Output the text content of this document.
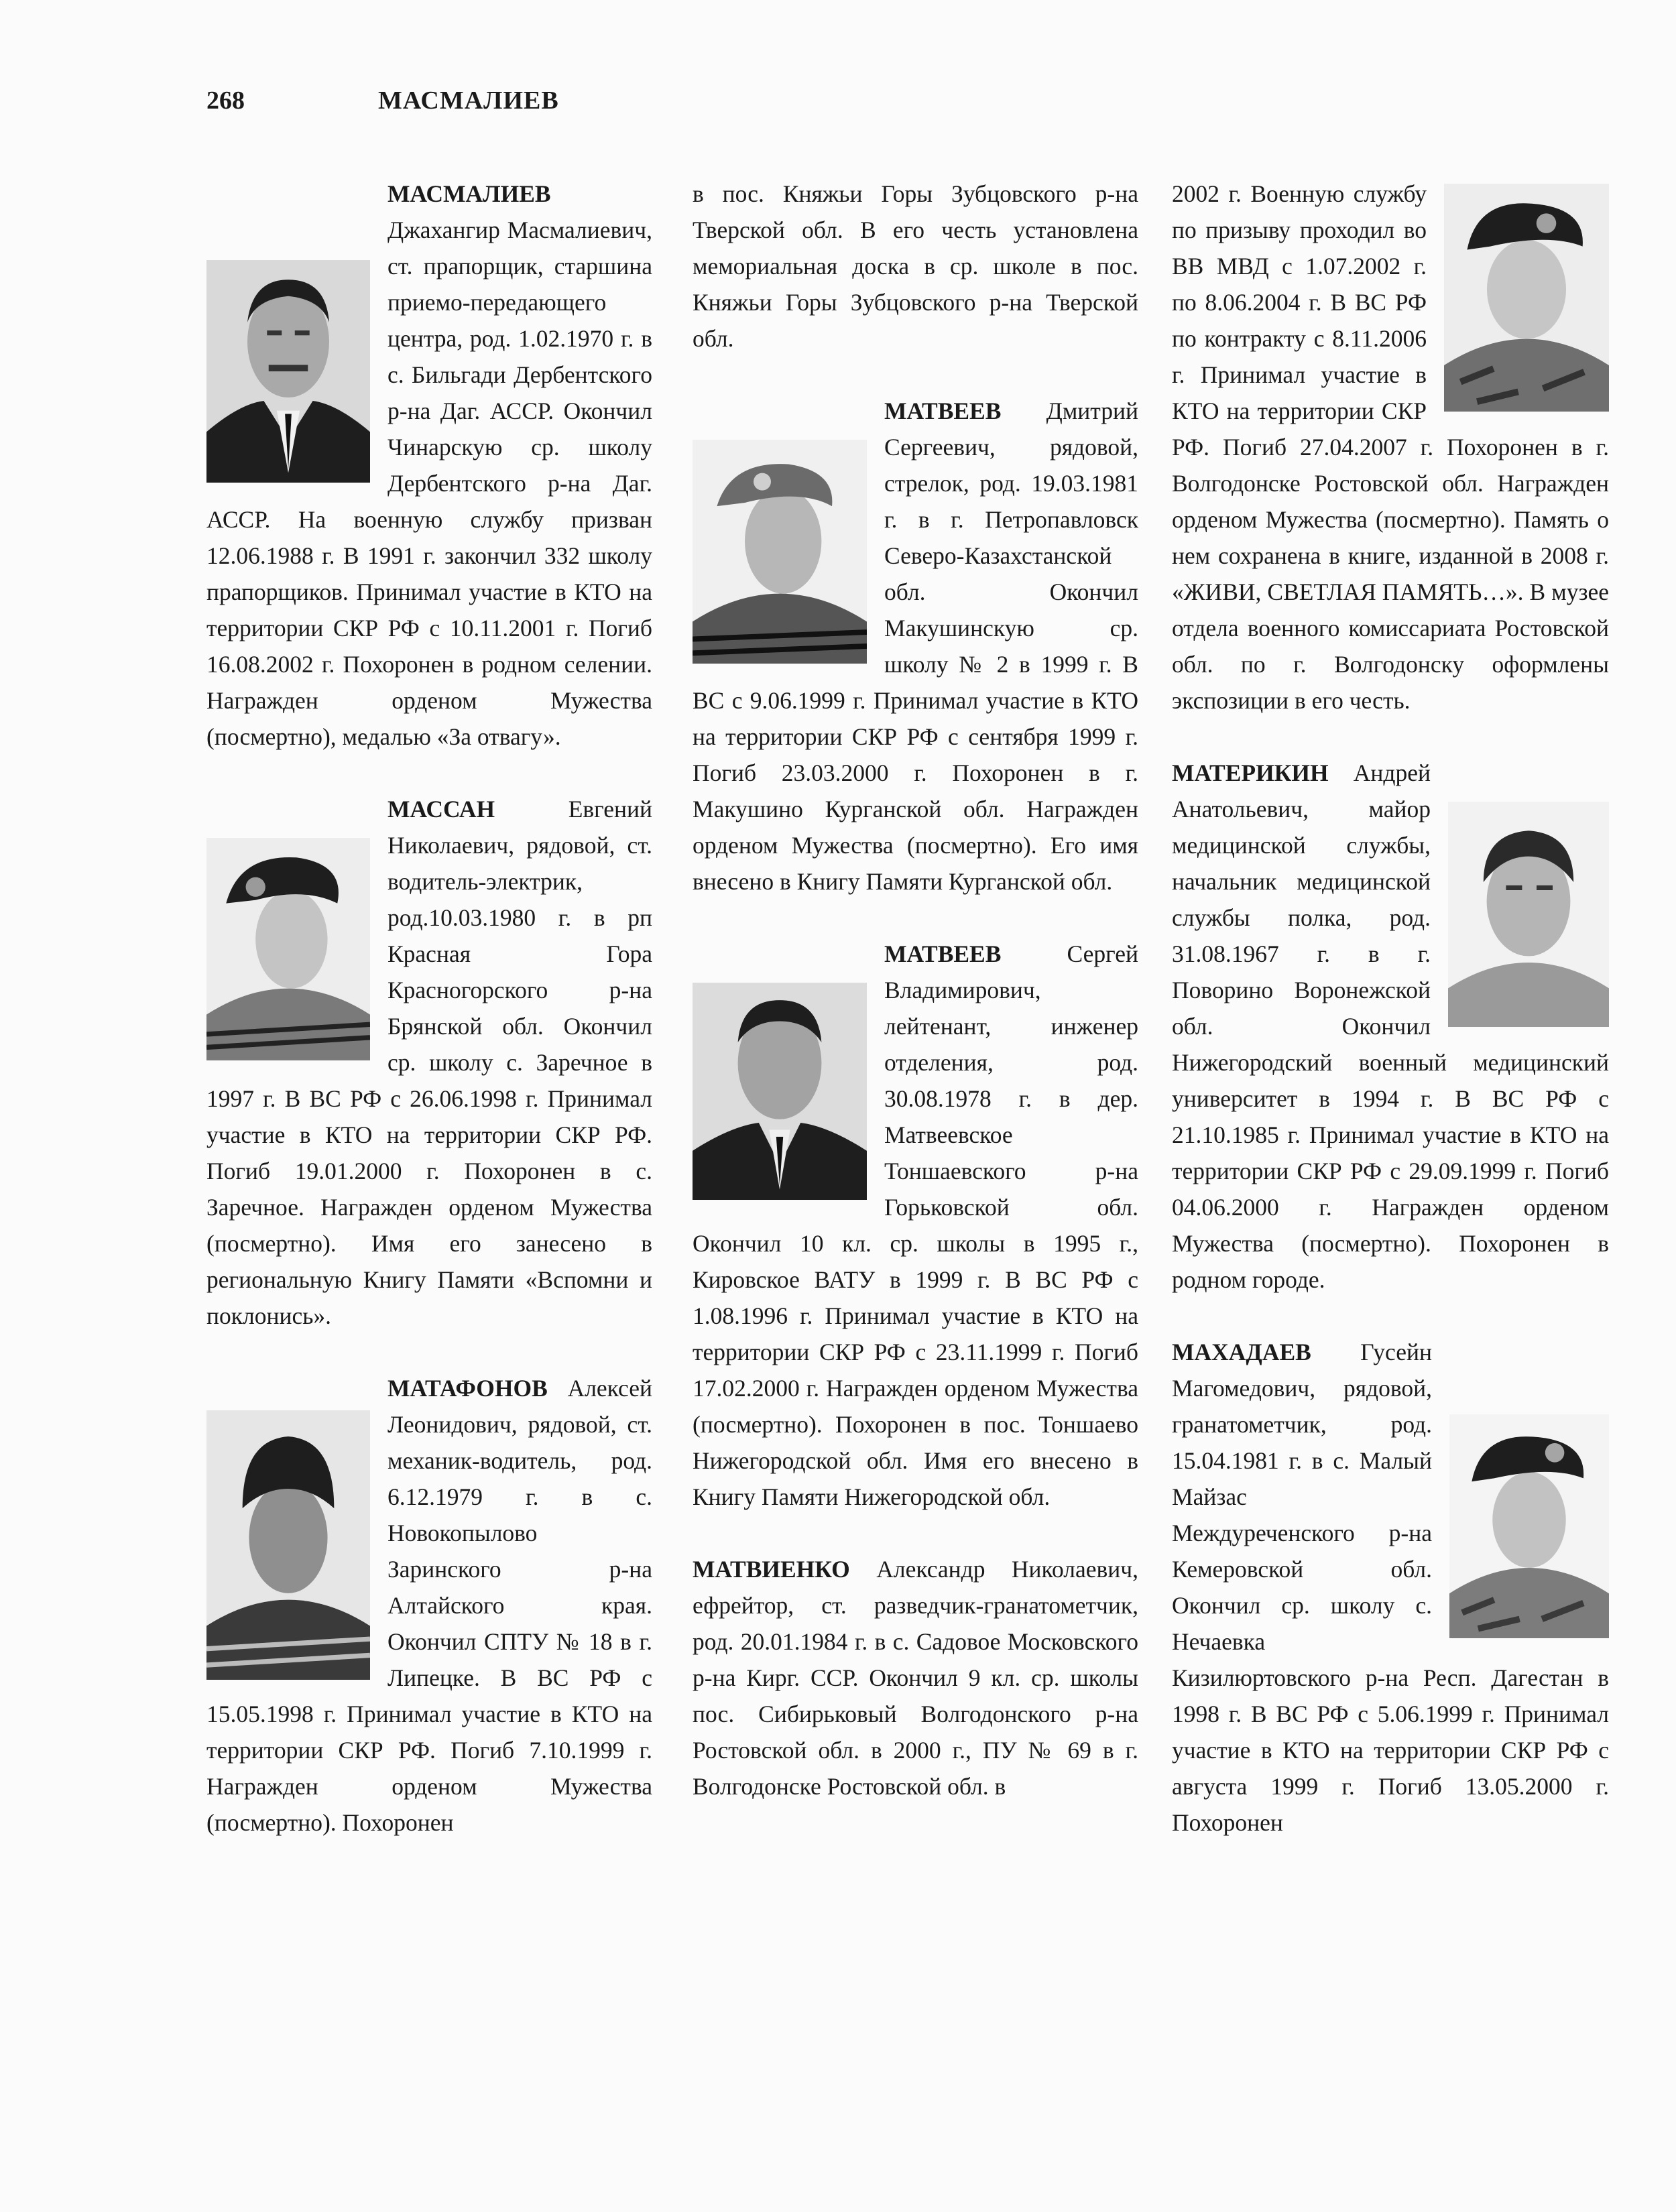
268	МАСМАЛИЕВ
МАСМАЛИЕВ Джахангир Масмалиевич, ст. прапорщик, старшина приемо-передающего центра, род. 1.02.1970 г. в с. Бильгади Дербентского р-на Даг. АССР. Окончил Чинарскую ср. школу Дербентского р-на Даг. АССР. На военную службу призван 12.06.1988 г. В 1991 г. закончил 332 школу прапорщиков. Принимал участие в КТО на территории СКР РФ с 10.11.2001 г. Погиб 16.08.2002 г. Похоронен в родном селении. Награжден орденом Мужества (посмертно), медалью «За отвагу».
МАССАН Евгений Николаевич, рядовой, ст. водитель-электрик, род.10.03.1980 г. в рп Красная Гора Красногорского р-на Брянской обл. Окончил ср. школу с. Заречное в 1997 г. В ВС РФ с 26.06.1998 г. Принимал участие в КТО на территории СКР РФ. Погиб 19.01.2000 г. Похоронен в с. Заречное. Награжден орденом Мужества (посмертно). Имя его занесено в региональную Книгу Памяти «Вспомни и поклонись».
МАТАФОНОВ Алексей Леонидович, рядовой, ст. механик-водитель, род. 6.12.1979 г. в с. Новокопылово Заринского р-на Алтайского края. Окончил СПТУ № 18 в г. Липецке. В ВС РФ с 15.05.1998 г. Принимал участие в КТО на территории СКР РФ. Погиб 7.10.1999 г. Награжден орденом Мужества (посмертно). Похоронен
в пос. Княжьи Горы Зубцовского р-на Тверской обл. В его честь установлена мемориальная доска в ср. школе в пос. Княжьи Горы Зубцовского р-на Тверской обл.
МАТВЕЕВ Дмитрий Сергеевич, рядовой, стрелок, род. 19.03.1981 г. в г. Петропавловск Северо-Казахстанской обл. Окончил Макушинскую ср. школу № 2 в 1999 г. В ВС с 9.06.1999 г. Принимал участие в КТО на территории СКР РФ с сентября 1999 г. Погиб 23.03.2000 г. Похоронен в г. Макушино Курганской обл. Награжден орденом Мужества (посмертно). Его имя внесено в Книгу Памяти Курганской обл.
МАТВЕЕВ Сергей Владимирович, лейтенант, инженер отделения, род. 30.08.1978 г. в дер. Матвеевское Тоншаевского р-на Горьковской обл. Окончил 10 кл. ср. школы в 1995 г., Кировское ВАТУ в 1999 г. В ВС РФ с 1.08.1996 г. Принимал участие в КТО на территории СКР РФ с 23.11.1999 г. Погиб 17.02.2000 г. Награжден орденом Мужества (посмертно). Похоронен в пос. Тоншаево Нижегородской обл. Имя его внесено в Книгу Памяти Нижегородской обл.
МАТВИЕНКО Александр Николаевич, ефрейтор, ст. разведчик-гранатометчик, род. 20.01.1984 г. в с. Садовое Московского р-на Кирг. ССР. Окончил 9 кл. ср. школы пос. Сибирьковый Волгодонского р-на Ростовской обл. в 2000 г., ПУ № 69 в г. Волгодонске Ростовской обл. в
2002 г. Военную службу по призыву проходил во ВВ МВД с 1.07.2002 г. по 8.06.2004 г. В ВС РФ по контракту с 8.11.2006 г. Принимал участие в КТО на территории СКР РФ. Погиб 27.04.2007 г. Похоронен в г. Волгодонске Ростовской обл. Награжден орденом Мужества (посмертно). Память о нем сохранена в книге, изданной в 2008 г. «ЖИВИ, СВЕТЛАЯ ПАМЯТЬ…». В музее отдела военного комиссариата Ростовской обл. по г. Волгодонску оформлены экспозиции в его честь.
МАТЕРИКИН Андрей Анатольевич, майор медицинской службы, начальник медицинской службы полка, род. 31.08.1967 г. в г. Поворино Воронежской обл. Окончил Нижегородский военный медицинский университет в 1994 г. В ВС РФ с 21.10.1985 г. Принимал участие в КТО на территории СКР РФ с 29.09.1999 г. Погиб 04.06.2000 г. Награжден орденом Мужества (посмертно). Похоронен в родном городе.
МАХАДАЕВ Гусейн Магомедович, рядовой, гранатометчик, род. 15.04.1981 г. в с. Малый Майзас Междуреченского р-на Кемеровской обл. Окончил ср. школу с. Нечаевка Кизилюртовского р-на Респ. Дагестан в 1998 г. В ВС РФ с 5.06.1999 г. Принимал участие в КТО на территории СКР РФ с августа 1999 г. Погиб 13.05.2000 г. Похоронен
